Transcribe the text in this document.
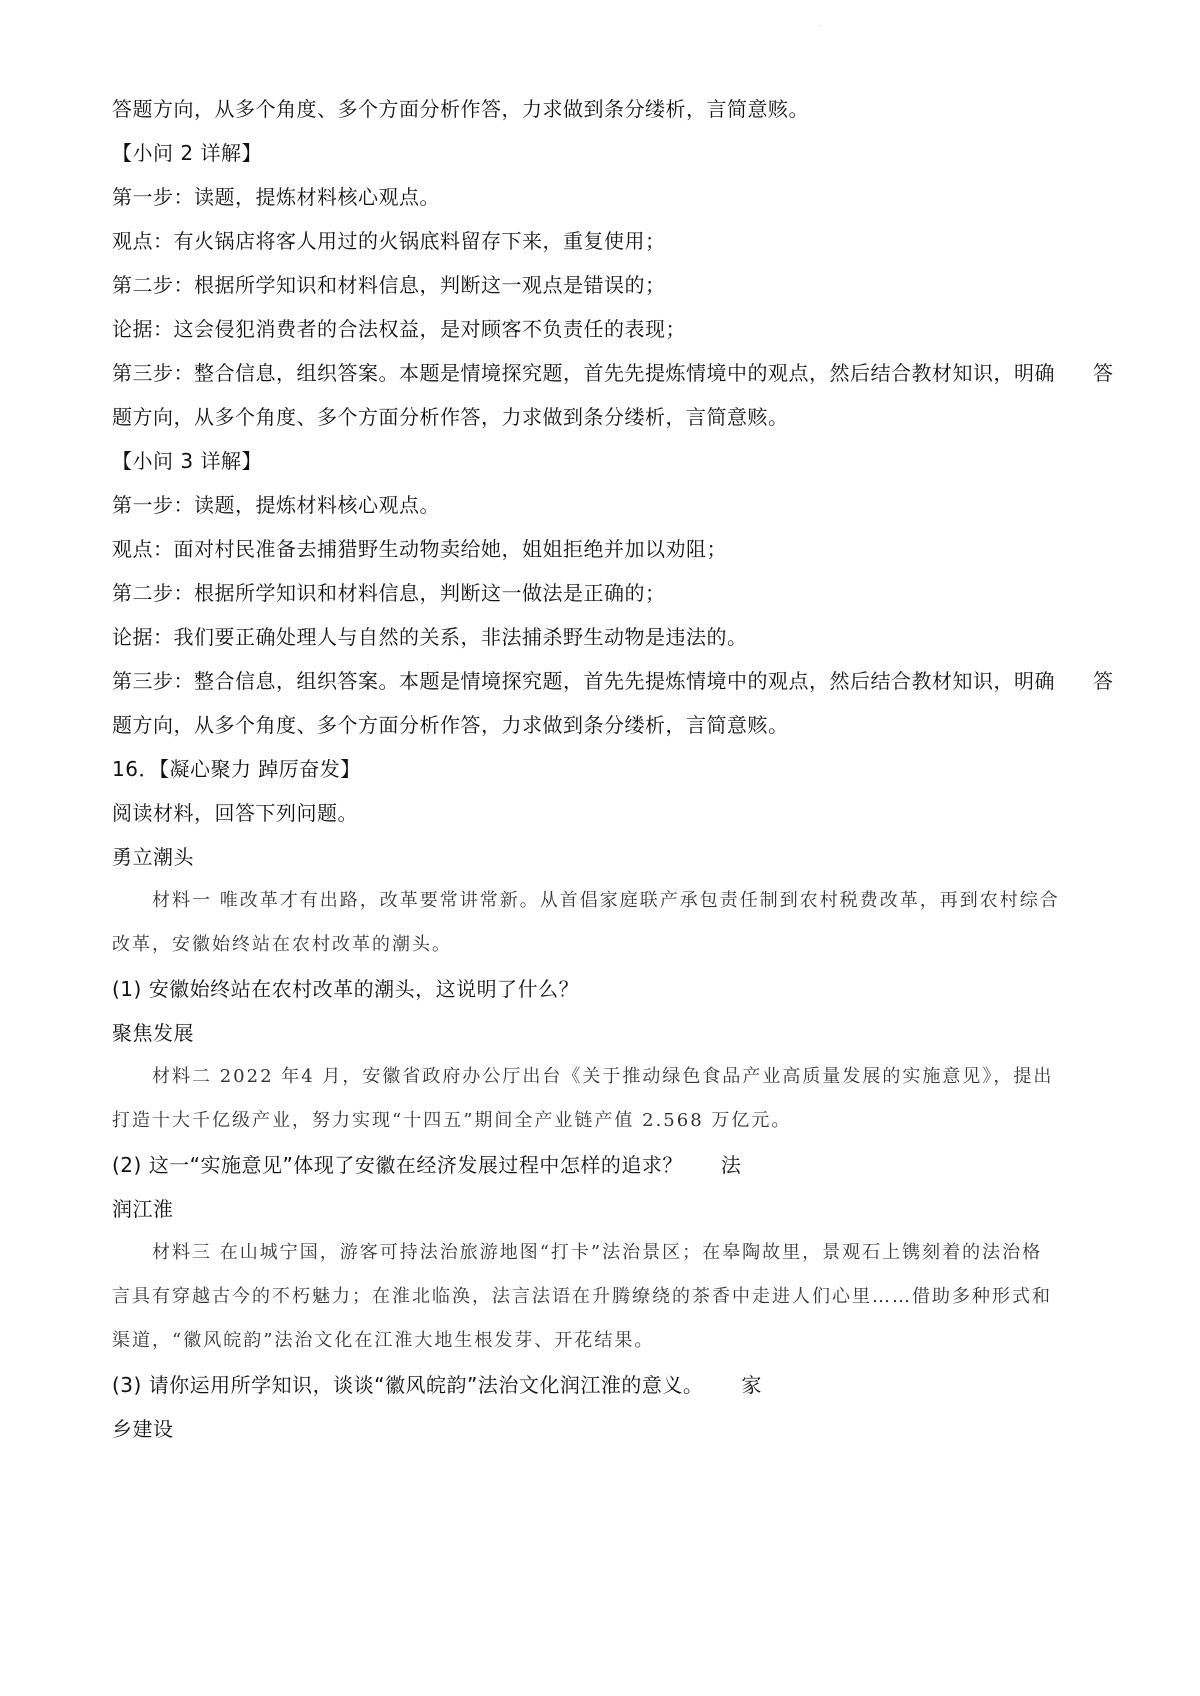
·
答题方向，从多个角度、多个方面分析作答，力求做到条分缕析，言简意赅。
【小问 2 详解】
第一步：读题，提炼材料核心观点。
观点：有火锅店将客人用过的火锅底料留存下来，重复使用；
第二步：根据所学知识和材料信息，判断这一观点是错误的；
论据：这会侵犯消费者的合法权益，是对顾客不负责任的表现；
第三步：整合信息，组织答案。本题是情境探究题，首先先提炼情境中的观点，然后结合教材知识，明确 答
题方向，从多个角度、多个方面分析作答，力求做到条分缕析，言简意赅。
【小问 3 详解】
第一步：读题，提炼材料核心观点。
观点：面对村民准备去捕猎野生动物卖给她，姐姐拒绝并加以劝阻；
第二步：根据所学知识和材料信息，判断这一做法是正确的；
论据：我们要正确处理人与自然的关系，非法捕杀野生动物是违法的。
第三步：整合信息，组织答案。本题是情境探究题，首先先提炼情境中的观点，然后结合教材知识，明确 答
题方向，从多个角度、多个方面分析作答，力求做到条分缕析，言简意赅。
16．【凝心聚力 踔厉奋发】
阅读材料，回答下列问题。
勇立潮头
材料一 唯改革才有出路，改革要常讲常新。从首倡家庭联产承包责任制到农村税费改革，再到农村综合
改革，安徽始终站在农村改革的潮头。
(1) 安徽始终站在农村改革的潮头，这说明了什么？
聚焦发展
材料二 2022 年4 月，安徽省政府办公厅出台《关于推动绿色食品产业高质量发展的实施意见》，提出
打造十大千亿级产业，努力实现“十四五”期间全产业链产值 2.568 万亿元。
(2) 这一“实施意见”体现了安徽在经济发展过程中怎样的追求？ 法
润江淮
材料三 在山城宁国，游客可持法治旅游地图“打卡”法治景区；在皋陶故里，景观石上镌刻着的法治格
言具有穿越古今的不朽魅力；在淮北临涣，法言法语在升腾缭绕的茶香中走进人们心里……借助多种形式和
渠道，“徽风皖韵”法治文化在江淮大地生根发芽、开花结果。
(3) 请你运用所学知识，谈谈“徽风皖韵”法治文化润江淮的意义。 家
乡建设
